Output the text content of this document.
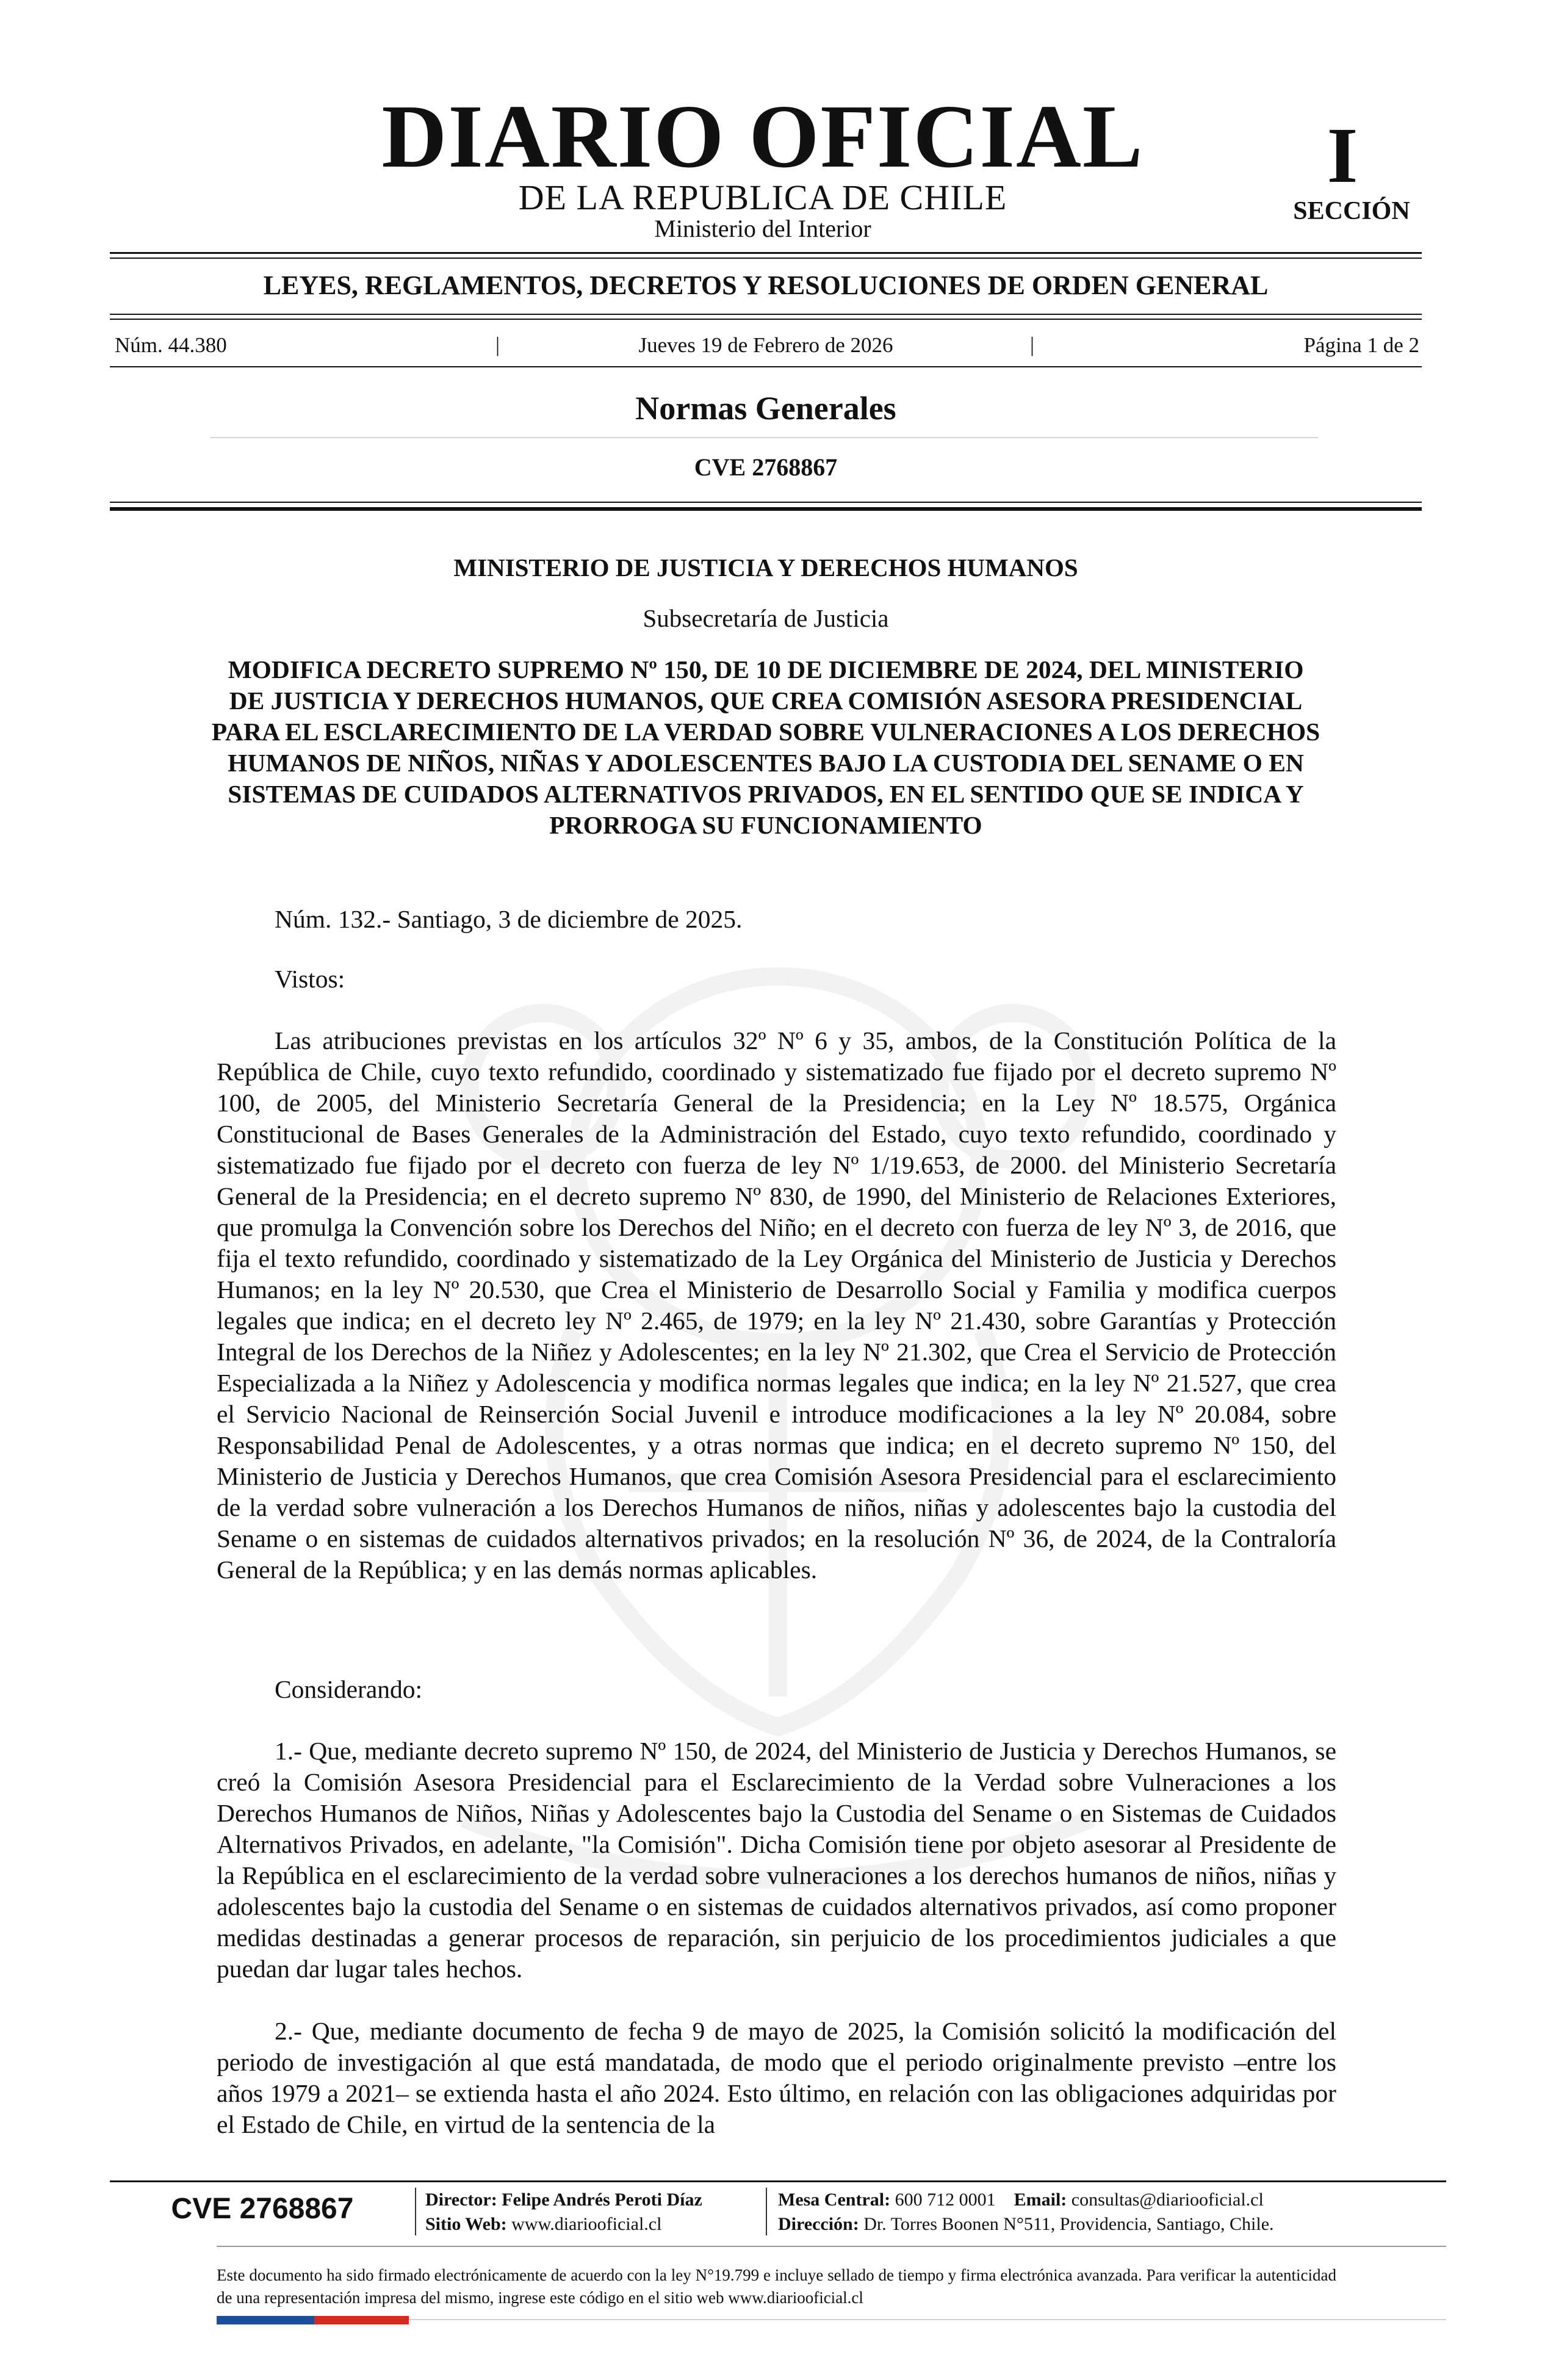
DIARIO OFICIAL
DE LA REPUBLICA DE CHILE
Ministerio del Interior
I
SECCIÓN
LEYES, REGLAMENTOS, DECRETOS Y RESOLUCIONES DE ORDEN GENERAL
Núm. 44.380	|	Jueves 19 de Febrero de 2026	|	Página 1 de 2
Normas Generales
CVE 2768867
MINISTERIO DE JUSTICIA Y DERECHOS HUMANOS
Subsecretaría de Justicia
MODIFICA DECRETO SUPREMO Nº 150, DE 10 DE DICIEMBRE DE 2024, DEL MINISTERIO DE JUSTICIA Y DERECHOS HUMANOS, QUE CREA COMISIÓN ASESORA PRESIDENCIAL PARA EL ESCLARECIMIENTO DE LA VERDAD SOBRE VULNERACIONES A LOS DERECHOS HUMANOS DE NIÑOS, NIÑAS Y ADOLESCENTES BAJO LA CUSTODIA DEL SENAME O EN SISTEMAS DE CUIDADOS ALTERNATIVOS PRIVADOS, EN EL SENTIDO QUE SE INDICA Y PRORROGA SU FUNCIONAMIENTO
Núm. 132.- Santiago, 3 de diciembre de 2025.
Vistos:

Las atribuciones previstas en los artículos 32º Nº 6 y 35, ambos, de la Constitución Política de la República de Chile, cuyo texto refundido, coordinado y sistematizado fue fijado por el decreto supremo Nº 100, de 2005, del Ministerio Secretaría General de la Presidencia; en la Ley Nº 18.575, Orgánica Constitucional de Bases Generales de la Administración del Estado, cuyo texto refundido, coordinado y sistematizado fue fijado por el decreto con fuerza de ley Nº 1/19.653, de 2000. del Ministerio Secretaría General de la Presidencia; en el decreto supremo Nº 830, de 1990, del Ministerio de Relaciones Exteriores, que promulga la Convención sobre los Derechos del Niño; en el decreto con fuerza de ley Nº 3, de 2016, que fija el texto refundido, coordinado y sistematizado de la Ley Orgánica del Ministerio de Justicia y Derechos Humanos; en la ley Nº 20.530, que Crea el Ministerio de Desarrollo Social y Familia y modifica cuerpos legales que indica; en el decreto ley Nº 2.465, de 1979; en la ley Nº 21.430, sobre Garantías y Protección Integral de los Derechos de la Niñez y Adolescentes; en la ley Nº 21.302, que Crea el Servicio de Protección Especializada a la Niñez y Adolescencia y modifica normas legales que indica; en la ley Nº 21.527, que crea el Servicio Nacional de Reinserción Social Juvenil e introduce modificaciones a la ley Nº 20.084, sobre Responsabilidad Penal de Adolescentes, y a otras normas que indica; en el decreto supremo Nº 150, del Ministerio de Justicia y Derechos Humanos, que crea Comisión Asesora Presidencial para el esclarecimiento de la verdad sobre vulneración a los Derechos Humanos de niños, niñas y adolescentes bajo la custodia del Sename o en sistemas de cuidados alternativos privados; en la resolución Nº 36, de 2024, de la Contraloría General de la República; y en las demás normas aplicables.

Considerando:

1.- Que, mediante decreto supremo Nº 150, de 2024, del Ministerio de Justicia y Derechos Humanos, se creó la Comisión Asesora Presidencial para el Esclarecimiento de la Verdad sobre Vulneraciones a los Derechos Humanos de Niños, Niñas y Adolescentes bajo la Custodia del Sename o en Sistemas de Cuidados Alternativos Privados, en adelante, "la Comisión". Dicha Comisión tiene por objeto asesorar al Presidente de la República en el esclarecimiento de la verdad sobre vulneraciones a los derechos humanos de niños, niñas y adolescentes bajo la custodia del Sename o en sistemas de cuidados alternativos privados, así como proponer medidas destinadas a generar procesos de reparación, sin perjuicio de los procedimientos judiciales a que puedan dar lugar tales hechos.

2.- Que, mediante documento de fecha 9 de mayo de 2025, la Comisión solicitó la modificación del periodo de investigación al que está mandatada, de modo que el periodo originalmente previsto –entre los años 1979 a 2021– se extienda hasta el año 2024. Esto último, en relación con las obligaciones adquiridas por el Estado de Chile, en virtud de la sentencia de la

CVE 2768867	Director: Felipe Andrés Peroti Díaz
Sitio Web: www.diariooficial.cl
Mesa Central: 600 712 0001 Email: consultas@diariooficial.cl
Dirección: Dr. Torres Boonen N°511, Providencia, Santiago, Chile.
Este documento ha sido firmado electrónicamente de acuerdo con la ley N°19.799 e incluye sellado de tiempo y firma electrónica avanzada. Para verificar la autenticidad de una representación impresa del mismo, ingrese este código en el sitio web www.diariooficial.cl
